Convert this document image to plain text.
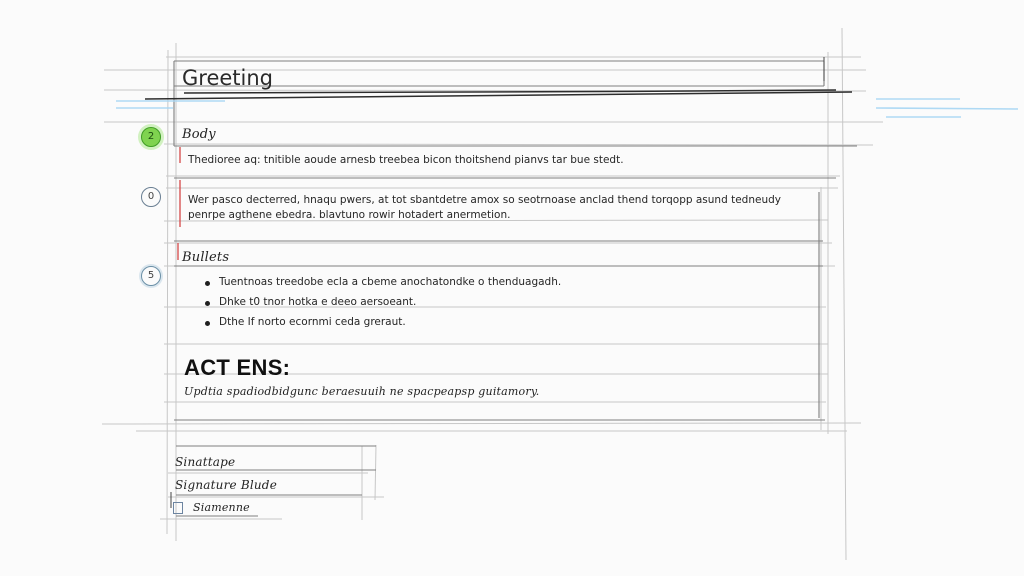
Greeting
2	Body
Thedioree aq: tnitible aoude arnesb treebea bicon thoitshend pianvs tar bue stedt.
0	Wer pasco decterred, hnaqu pwers, at tot sbantdetre amox so seotrnoase anclad thend torqopp asund tedneudy
penrpe agthene ebedra. blavtuno rowir hotadert anermetion.
5
Bullets
Tuentnoas treedobe ecla a cbeme anochatondke o thenduagadh.
Dhke t0 tnor hotka e deeo aersoeant.
Dthe If norto ecornmi ceda greraut.
ACT ENS:
Updtia spadiodbidgunc beraesuuih ne spacpeapsp guitamory.
Sinattape
Signature Blude
Siamenne
